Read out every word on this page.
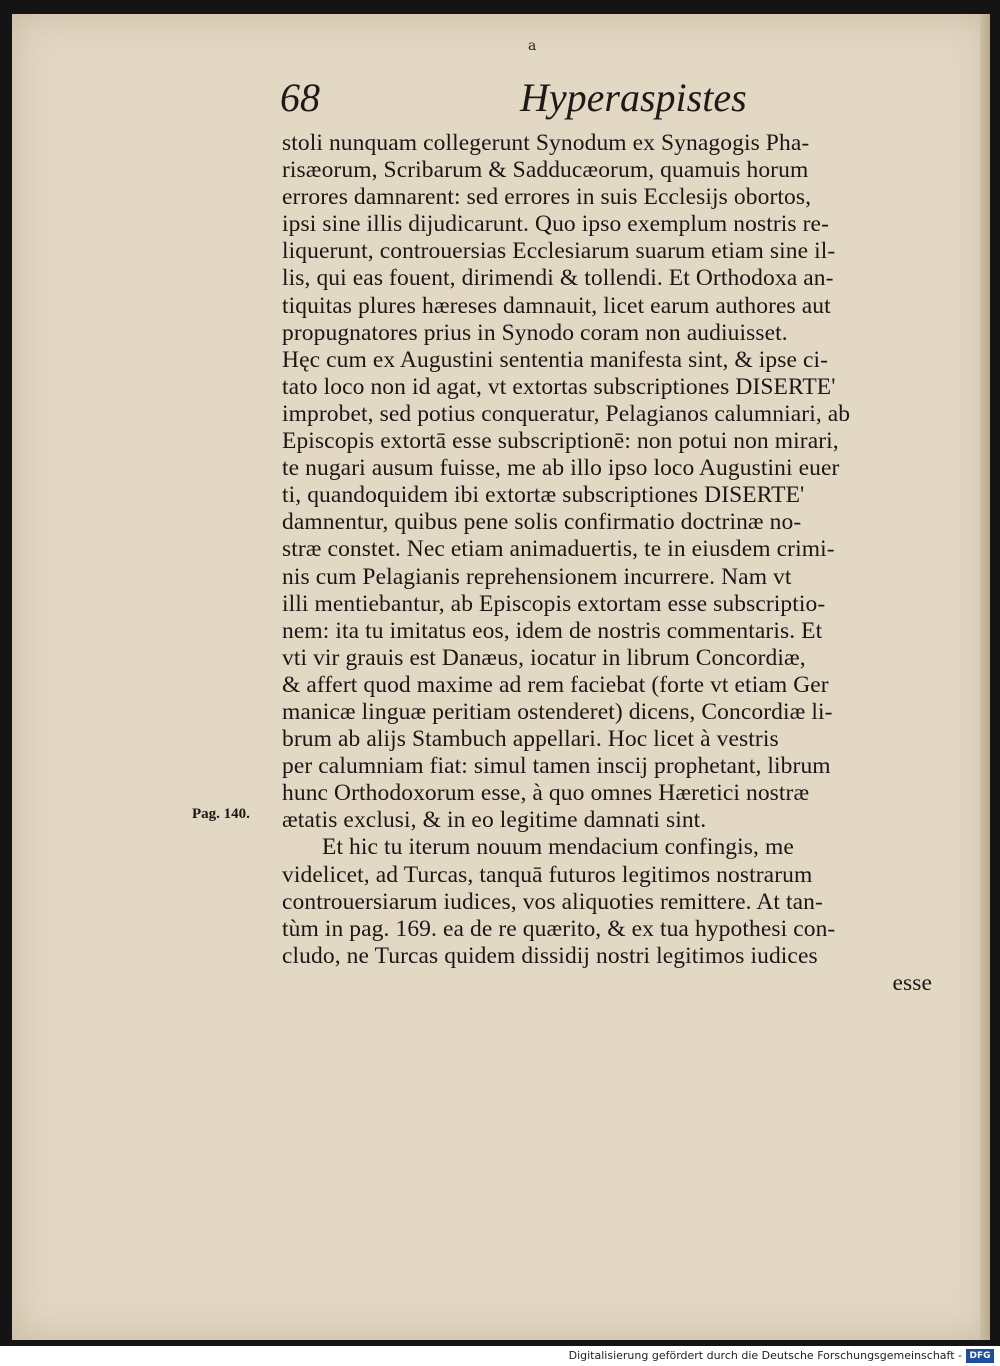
a
68	Hyperaspistes
Pag. 140.
stoli nunquam collegerunt Synodum ex Synagogis Pha-
risæorum, Scribarum & Sadducæorum, quamuis horum
errores damnarent: sed errores in suis Ecclesijs obortos,
ipsi sine illis dijudicarunt. Quo ipso exemplum nostris re-
liquerunt, controuersias Ecclesiarum suarum etiam sine il-
lis, qui eas fouent, dirimendi & tollendi. Et Orthodoxa an-
tiquitas plures hæreses damnauit, licet earum authores aut
propugnatores prius in Synodo coram non audiuisset.
Hęc cum ex Augustini sententia manifesta sint, & ipse ci-
tato loco non id agat, vt extortas subscriptiones DISERTE'
improbet, sed potius conqueratur, Pelagianos calumniari, ab
Episcopis extortā esse subscriptionē: non potui non mirari,
te nugari ausum fuisse, me ab illo ipso loco Augustini euer
ti, quandoquidem ibi extortæ subscriptiones DISERTE'
damnentur, quibus pene solis confirmatio doctrinæ no-
stræ constet. Nec etiam animaduertis, te in eiusdem crimi-
nis cum Pelagianis reprehensionem incurrere. Nam vt
illi mentiebantur, ab Episcopis extortam esse subscriptio-
nem: ita tu imitatus eos, idem de nostris commentaris. Et
vti vir grauis est Danæus, iocatur in librum Concordiæ,
& affert quod maxime ad rem faciebat (forte vt etiam Ger
manicæ linguæ peritiam ostenderet) dicens, Concordiæ li-
brum ab alijs Stambuch appellari. Hoc licet à vestris
per calumniam fiat: simul tamen inscij prophetant, librum
hunc Orthodoxorum esse, à quo omnes Hæretici nostræ
ætatis exclusi, & in eo legitime damnati sint.
Et hic tu iterum nouum mendacium confingis, me
videlicet, ad Turcas, tanquā futuros legitimos nostrarum
controuersiarum iudices, vos aliquoties remittere. At tan-
tùm in pag. 169. ea de re quærito, & ex tua hypothesi con-
cludo, ne Turcas quidem dissidij nostri legitimos iudices
esse
Digitalisierung gefördert durch die Deutsche Forschungsgemeinschaft - DFG
